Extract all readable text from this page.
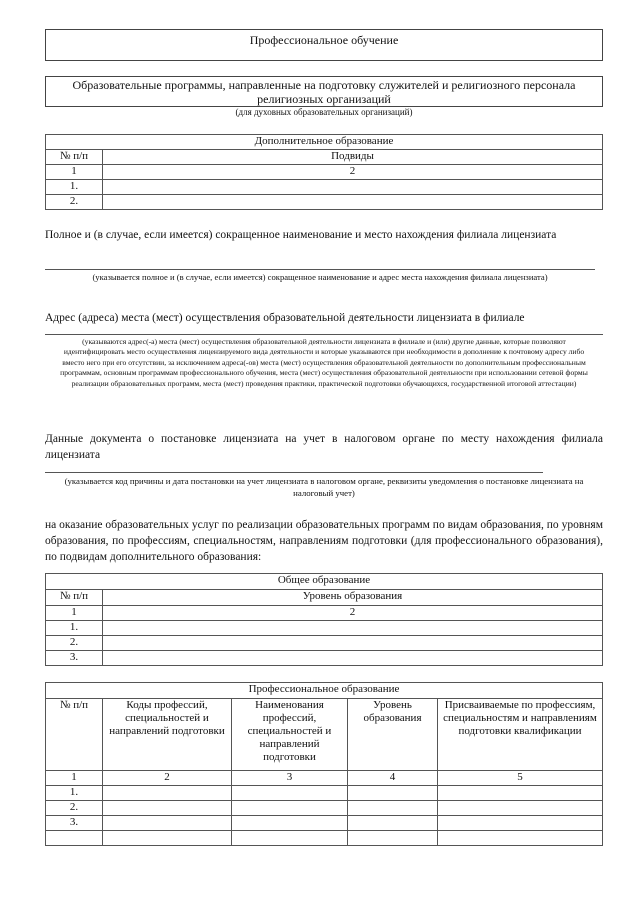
Профессиональное обучение
Образовательные программы, направленные на подготовку служителей и религиозного персонала религиозных организаций
(для духовных образовательных организаций)
Дополнительное образование	
№ п/п	Подвиды
1	2
1.	
2.	
Полное и (в случае, если имеется) сокращенное наименование и место нахождения филиала лицензиата
(указывается полное и (в случае, если имеется) сокращенное наименование и адрес места нахождения филиала лицензиата)
Адрес (адреса) места (мест) осуществления образовательной деятельности лицензиата в филиале
(указываются адрес(-а) места (мест) осуществления образовательной деятельности лицензиата в филиале и (или) другие данные, которые позволяют идентифицировать место осуществления лицензируемого вида деятельности и которые указываются при необходимости в дополнение к почтовому адресу либо вместо него при его отсутствии, за исключением адреса(-ов) места (мест) осуществления образовательной деятельности по дополнительным профессиональным программам, основным программам профессионального обучения, места (мест) осуществления образовательной деятельности при использовании сетевой формы реализации образовательных программ, места (мест) проведения практики, практической подготовки обучающихся, государственной итоговой аттестации)
Данные документа о постановке лицензиата на учет в налоговом органе по месту нахождения филиала лицензиата
(указывается код причины и дата постановки на учет лицензиата в налоговом органе, реквизиты уведомления о постановке лицензиата на налоговый учет)
на оказание образовательных услуг по реализации образовательных программ по видам образования, по уровням образования, по профессиям, специальностям, направлениям подготовки (для профессионального образования), по подвидам дополнительного образования:
Общее образование	
№ п/п	Уровень образования
1	2
1.	
2.	
3.	
Профессиональное образование				
№ п/п	Коды профессий, специальностей и направлений подготовки	Наименования профессий, специальностей и направлений подготовки	Уровень образования	Присваиваемые по профессиям, специальностям и направлениям подготовки квалификации
1	2	3	4	5
1.				
2.				
3.				
